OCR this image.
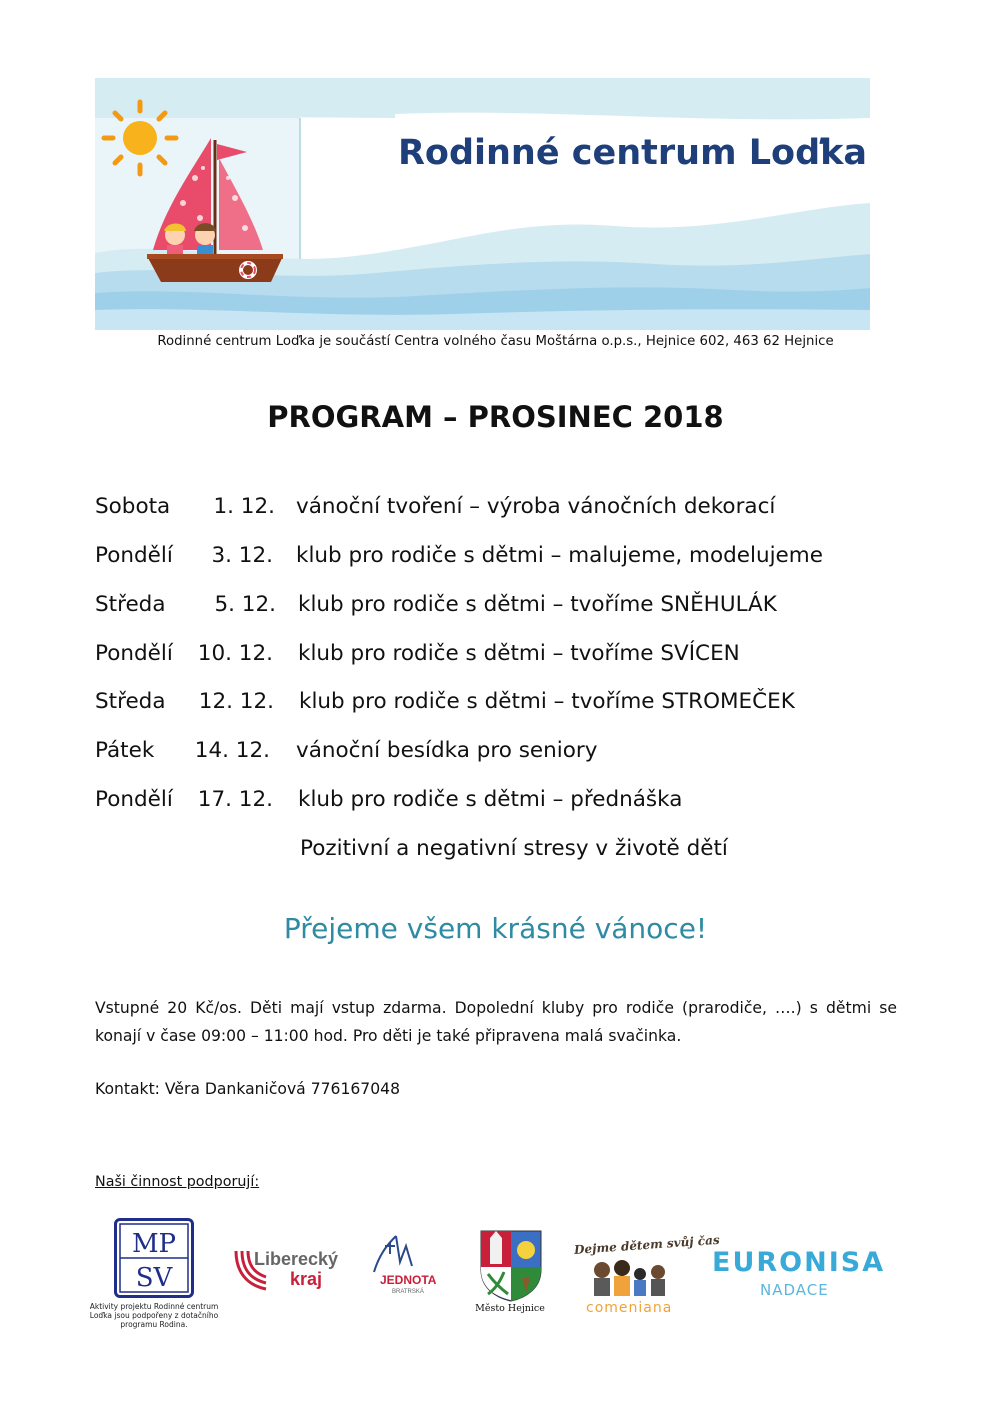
Rodinné centrum Loďka
Rodinné centrum Loďka je součástí Centra volného času Moštárna o.p.s., Hejnice 602, 463 62 Hejnice
PROGRAM – PROSINEC 2018
Sobota	1. 12. vánoční tvoření – výroba vánočních dekorací
Pondělí	3. 12. klub pro rodiče s dětmi – malujeme, modelujeme
Středa	5. 12. klub pro rodiče s dětmi – tvoříme SNĚHULÁK
Pondělí	10. 12. klub pro rodiče s dětmi – tvoříme SVÍCEN
Středa	12. 12. klub pro rodiče s dětmi – tvoříme STROMEČEK
Pátek	14. 12. vánoční besídka pro seniory
Pondělí	17. 12. klub pro rodiče s dětmi – přednáška
Pozitivní a negativní stresy v životě dětí
Přejeme všem krásné vánoce!
Vstupné 20 Kč/os. Děti mají vstup zdarma. Dopolední kluby pro rodiče (prarodiče, ….) s dětmi se konají v čase 09:00 – 11:00 hod. Pro děti je také připravena malá svačinka.
Kontakt: Věra Dankaničová 776167048
Naši činnost podporují:
MP
SV
Aktivity projektu Rodinné centrum Loďka jsou podpořeny z dotačního programu Rodina.
Liberecký
kraj	JEDNOTA
BRATRSKÁ
Město Hejnice
Dejme dětem svůj čas
comeniana
EURONISA
NADACE
